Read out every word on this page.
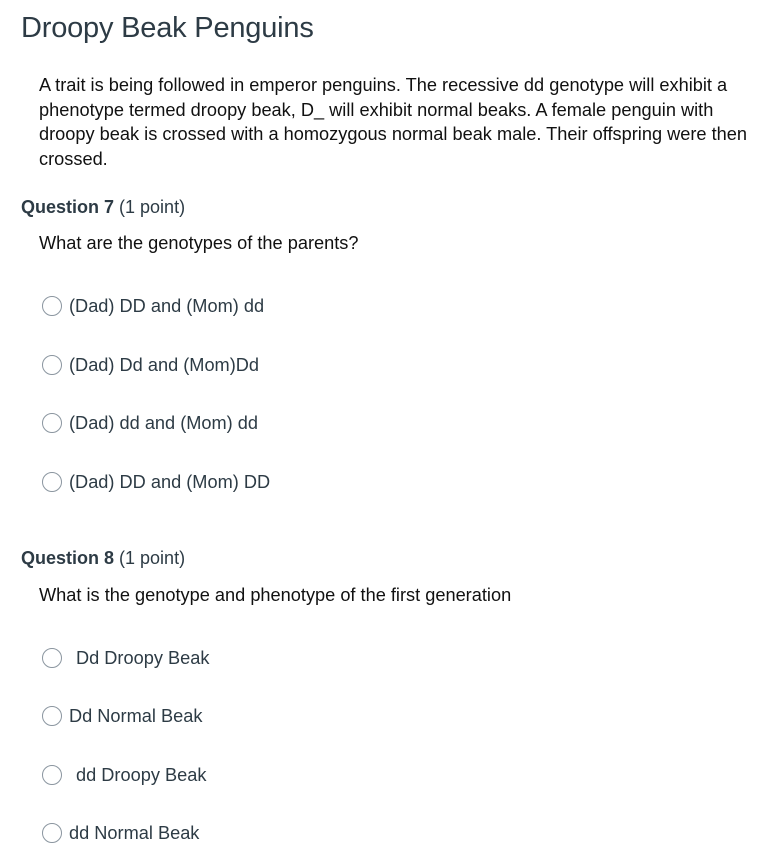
Droopy Beak Penguins

A trait is being followed in emperor penguins. The recessive dd genotype will exhibit a phenotype termed droopy beak, D_ will exhibit normal beaks. A female penguin with droopy beak is crossed with a homozygous normal beak male. Their offspring were then crossed.

Question 7 (1 point)

What are the genotypes of the parents?

(Dad) DD and (Mom) dd
(Dad) Dd and (Mom)Dd
(Dad) dd and (Mom) dd
(Dad) DD and (Mom) DD
Question 8 (1 point)

What is the genotype and phenotype of the first generation

Dd Droopy Beak
Dd Normal Beak
dd Droopy Beak
dd Normal Beak
